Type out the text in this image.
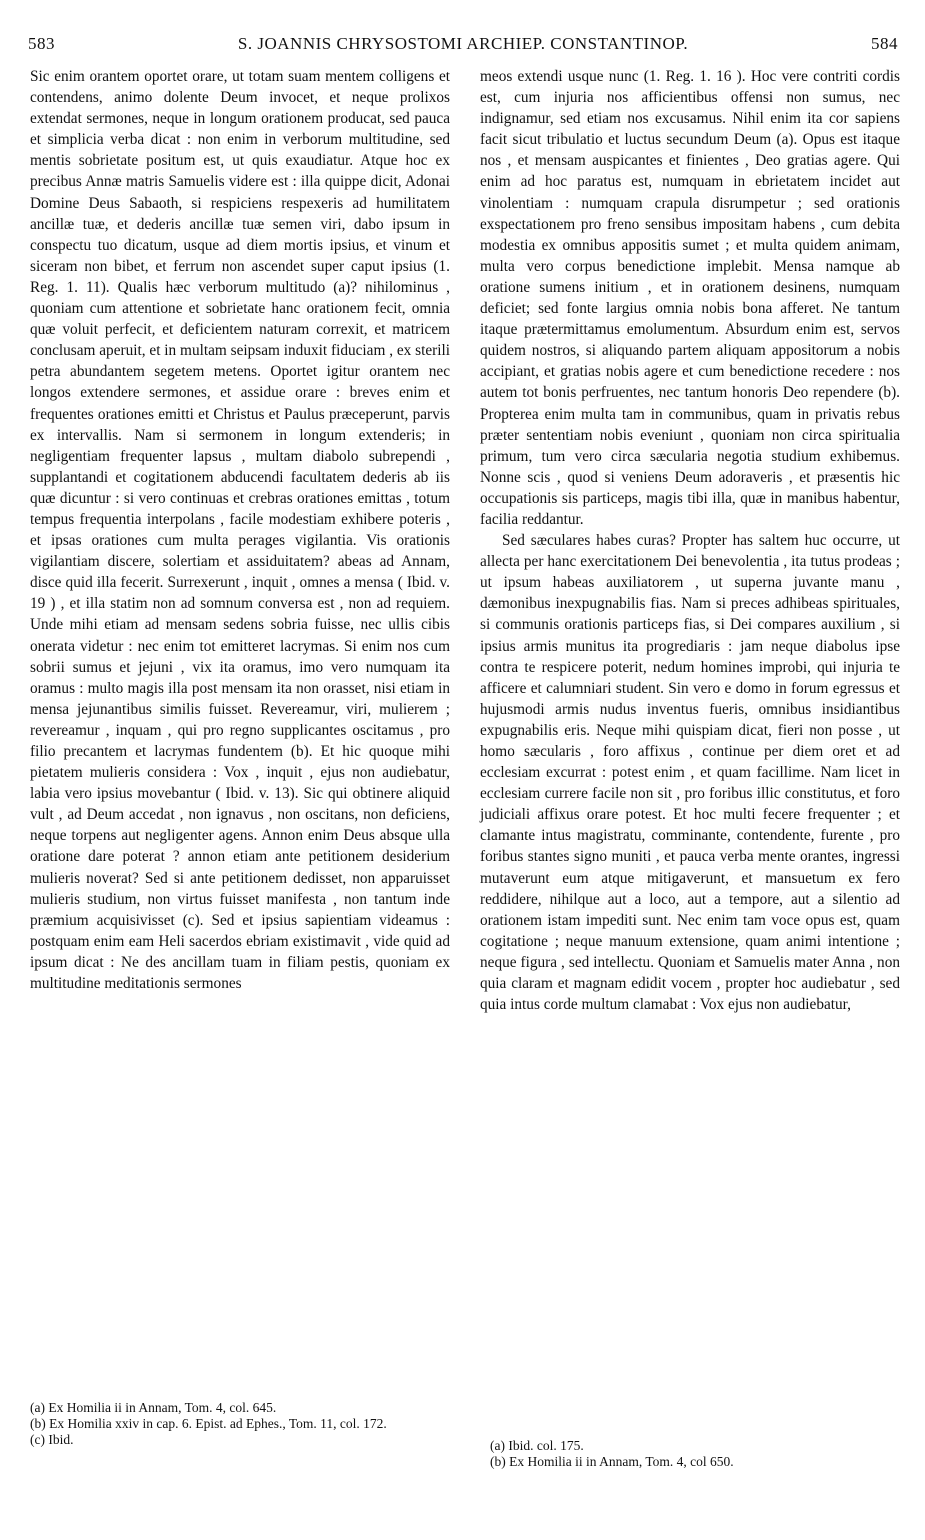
583	S. JOANNIS CHRYSOSTOMI ARCHIEP. CONSTANTINOP.	584

Sic enim orantem oportet orare, ut totam suam mentem colligens et contendens, animo dolente Deum invocet, et neque prolixos extendat sermones, neque in longum orationem producat, sed pauca et simplicia verba dicat : non enim in verborum multitudine, sed mentis sobrietate positum est, ut quis exaudiatur. Atque hoc ex precibus Annæ matris Samuelis videre est : illa quippe dicit, Adonai Domine Deus Sabaoth, si respiciens respexeris ad humilitatem ancillæ tuæ, et dederis ancillæ tuæ semen viri, dabo ipsum in conspectu tuo dicatum, usque ad diem mortis ipsius, et vinum et siceram non bibet, et ferrum non ascendet super caput ipsius (1. Reg. 1. 11). Qualis hæc verborum multitudo (a)? nihilominus , quoniam cum attentione et sobrietate hanc orationem fecit, omnia quæ voluit perfecit, et deficientem naturam correxit, et matricem conclusam aperuit, et in multam seipsam induxit fiduciam , ex sterili petra abundantem segetem metens. Oportet igitur orantem nec longos extendere sermones, et assidue orare : breves enim et frequentes orationes emitti et Christus et Paulus præceperunt, parvis ex intervallis. Nam si sermonem in longum extenderis; in negligentiam frequenter lapsus , multam diabolo subrependi , supplantandi et cogitationem abducendi facultatem dederis ab iis quæ dicuntur : si vero continuas et crebras orationes emittas , totum tempus frequentia interpolans , facile modestiam exhibere poteris , et ipsas orationes cum multa perages vigilantia. Vis orationis vigilantiam discere, solertiam et assiduitatem? abeas ad Annam, disce quid illa fecerit. Surrexerunt , inquit , omnes a mensa ( Ibid. v. 19 ) , et illa statim non ad somnum conversa est , non ad requiem. Unde mihi etiam ad mensam sedens sobria fuisse, nec ullis cibis onerata videtur : nec enim tot emitteret lacrymas. Si enim nos cum sobrii sumus et jejuni , vix ita oramus, imo vero numquam ita oramus : multo magis illa post mensam ita non orasset, nisi etiam in mensa jejunantibus similis fuisset. Revereamur, viri, mulierem ; revereamur , inquam , qui pro regno supplicantes oscitamus , pro filio precantem et lacrymas fundentem (b). Et hic quoque mihi pietatem mulieris considera : Vox , inquit , ejus non audiebatur, labia vero ipsius movebantur ( Ibid. v. 13). Sic qui obtinere aliquid vult , ad Deum accedat , non ignavus , non oscitans, non deficiens, neque torpens aut negligenter agens. Annon enim Deus absque ulla oratione dare poterat ? annon etiam ante petitionem desiderium mulieris noverat? Sed si ante petitionem dedisset, non apparuisset mulieris studium, non virtus fuisset manifesta , non tantum inde præmium acquisivisset (c). Sed et ipsius sapientiam videamus : postquam enim eam Heli sacerdos ebriam existimavit , vide quid ad ipsum dicat : Ne des ancillam tuam in filiam pestis, quoniam ex multitudine meditationis sermones

meos extendi usque nunc (1. Reg. 1. 16 ). Hoc vere contriti cordis est, cum injuria nos afficientibus offensi non sumus, nec indignamur, sed etiam nos excusamus. Nihil enim ita cor sapiens facit sicut tribulatio et luctus secundum Deum (a). Opus est itaque nos , et mensam auspicantes et finientes , Deo gratias agere. Qui enim ad hoc paratus est, numquam in ebrietatem incidet aut vinolentiam : numquam crapula disrumpetur ; sed orationis exspectationem pro freno sensibus impositam habens , cum debita modestia ex omnibus appositis sumet ; et multa quidem animam, multa vero corpus benedictione implebit. Mensa namque ab oratione sumens initium , et in orationem desinens, numquam deficiet; sed fonte largius omnia nobis bona afferet. Ne tantum itaque prætermittamus emolumentum. Absurdum enim est, servos quidem nostros, si aliquando partem aliquam appositorum a nobis accipiant, et gratias nobis agere et cum benedictione recedere : nos autem tot bonis perfruentes, nec tantum honoris Deo rependere (b). Propterea enim multa tam in communibus, quam in privatis rebus præter sententiam nobis eveniunt , quoniam non circa spiritualia primum, tum vero circa sæcularia negotia studium exhibemus. Nonne scis , quod si veniens Deum adoraveris , et præsentis hic occupationis sis particeps, magis tibi illa, quæ in manibus habentur, facilia reddantur.

Sed sæculares habes curas? Propter has saltem huc occurre, ut allecta per hanc exercitationem Dei benevolentia , ita tutus prodeas ; ut ipsum habeas auxiliatorem , ut superna juvante manu , dæmonibus inexpugnabilis fias. Nam si preces adhibeas spirituales, si communis orationis particeps fias, si Dei compares auxilium , si ipsius armis munitus ita progrediaris : jam neque diabolus ipse contra te respicere poterit, nedum homines improbi, qui injuria te afficere et calumniari student. Sin vero e domo in forum egressus et hujusmodi armis nudus inventus fueris, omnibus insidiantibus expugnabilis eris. Neque mihi quispiam dicat, fieri non posse , ut homo sæcularis , foro affixus , continue per diem oret et ad ecclesiam excurrat : potest enim , et quam facillime. Nam licet in ecclesiam currere facile non sit , pro foribus illic constitutus, et foro judiciali affixus orare potest. Et hoc multi fecere frequenter ; et clamante intus magistratu, comminante, contendente, furente , pro foribus stantes signo muniti , et pauca verba mente orantes, ingressi mutaverunt eum atque mitigaverunt, et mansuetum ex fero reddidere, nihilque aut a loco, aut a tempore, aut a silentio ad orationem istam impediti sunt. Nec enim tam voce opus est, quam cogitatione ; neque manuum extensione, quam animi intentione ; neque figura , sed intellectu. Quoniam et Samuelis mater Anna , non quia claram et magnam edidit vocem , propter hoc audiebatur , sed quia intus corde multum clamabat : Vox ejus non audiebatur,

(a) Ex Homilia ii in Annam, Tom. 4, col. 645.
(b) Ex Homilia xxiv in cap. 6. Epist. ad Ephes., Tom. 11, col. 172.
(c) Ibid.	(a) Ibid. col. 175.
(b) Ex Homilia ii in Annam, Tom. 4, col 650.
